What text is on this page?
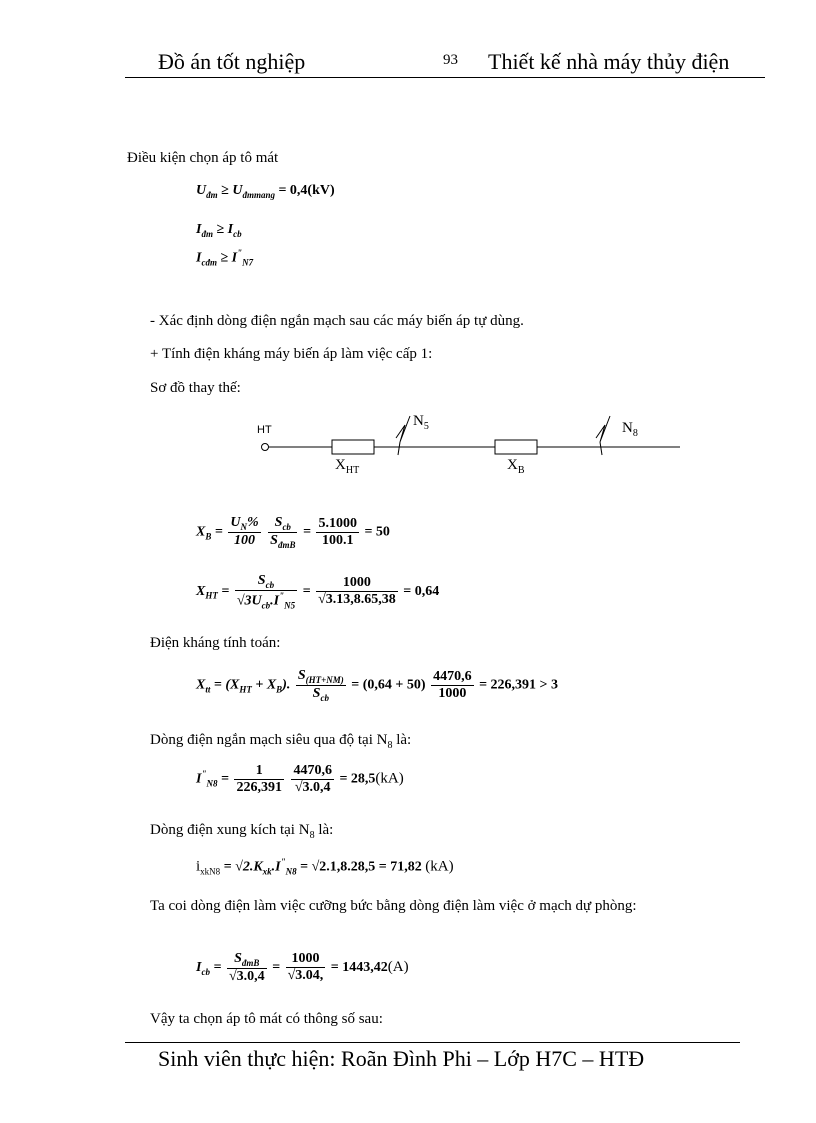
Đồ án tốt nghiệp	93 Thiết kế nhà máy thủy điện
Điều kiện chọn áp tô mát
$U_{đm} \ge U_{đmmang} = 0,4(kV)$
$I_{đm} \ge I_{cb}$
$I_{cđm} \ge I^"_{N7}$
- Xác định dòng điện ngắn mạch sau các máy biến áp tự dùng.
+ Tính điện kháng máy biến áp làm việc cấp 1:
Sơ đồ thay thế:
HT
$N_5$	$N_8$
$X_{HT}$	$X_B$
$X_B = \frac{U_N\%}{100}$
$\frac{S_{cb}}{S_{đmB}} = \frac{5.1000}{100.1} = 50$
$X_{HT} = \frac{S_{cb}}{√3U_{cb}.I^"_{N5}} = \frac{1000}{√3.13,8.65,38} = 0,64$
Điện kháng tính toán:
$X_{tt} = (X_{HT} + X_B)$. $\frac{S_{(HT+NM)}}{S_{cb}} = (0,64 + 50) \frac{4470,6}{1000} = 226,391 > 3$
Dòng điện ngắn mạch siêu qua độ tại $N_8$ là:
$I^"_{N8} = \frac{1}{226,391}$
$\frac{4470,6}{√3.0,4} = 28,5(kA)$
Dòng điện xung kích tại $N_8$ là:
$i_{xkN8} = √2.K_{xk}.I^"_{N8} = √2.1,8.28,5 = 71,82$ (kA)
Ta coi dòng điện làm việc cưỡng bức bằng dòng điện làm việc ở mạch dự phòng:
$I_{cb} = \frac{S_{đmB}}{√3.0,4} = \frac{1000}{√3.04,} = 1443,42(A)$
Vậy ta chọn áp tô mát có thông số sau:
Sinh viên thực hiện: Roãn Đình Phi – Lớp H7C – HTĐ
